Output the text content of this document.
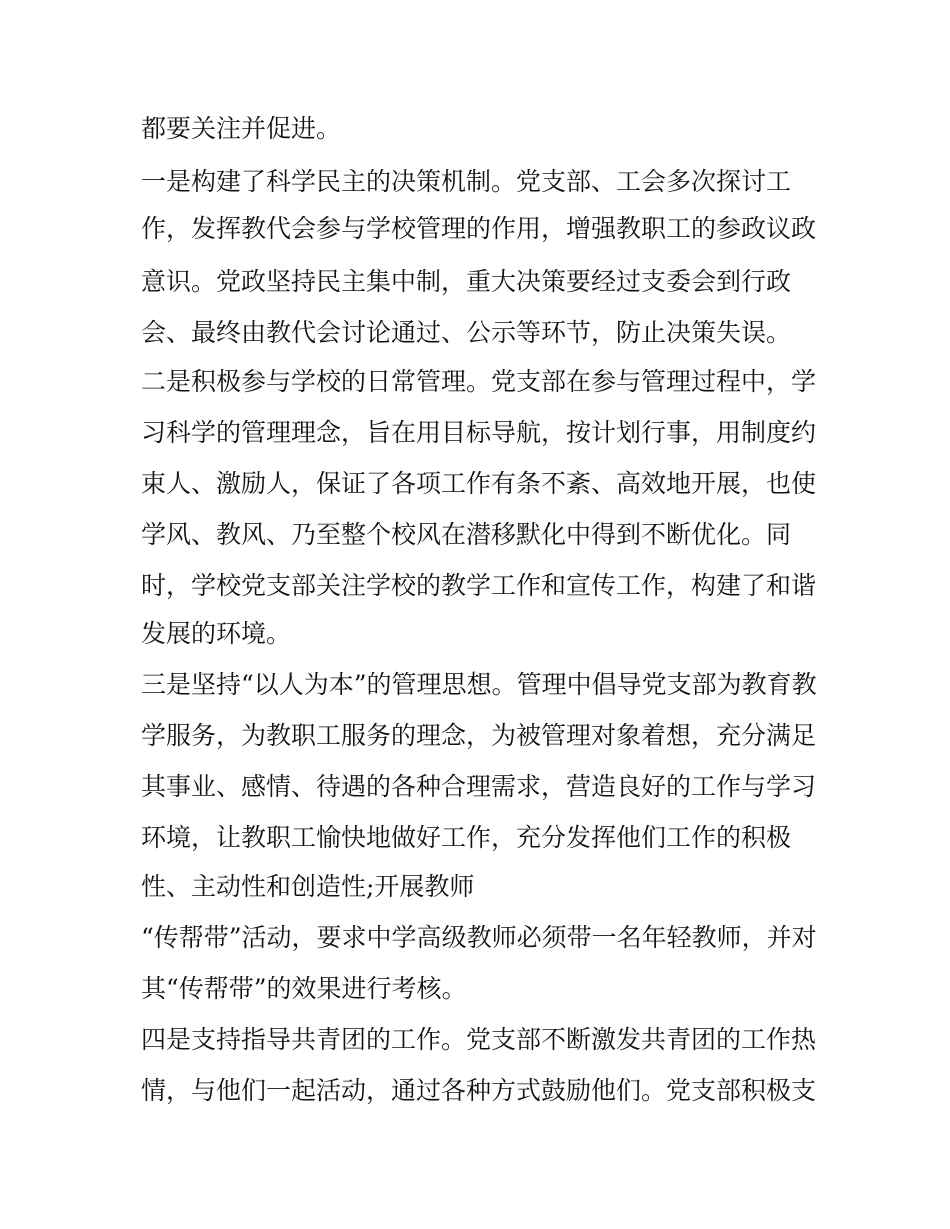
都要关注并促进。
一是构建了科学民主的决策机制。党支部、工会多次探讨工
作，发挥教代会参与学校管理的作用，增强教职工的参政议政
意识。党政坚持民主集中制，重大决策要经过支委会到行政
会、最终由教代会讨论通过、公示等环节，防止决策失误。
二是积极参与学校的日常管理。党支部在参与管理过程中，学
习科学的管理理念，旨在用目标导航，按计划行事，用制度约
束人、激励人，保证了各项工作有条不紊、高效地开展，也使
学风、教风、乃至整个校风在潜移默化中得到不断优化。同
时，学校党支部关注学校的教学工作和宣传工作，构建了和谐
发展的环境。
三是坚持“以人为本”的管理思想。管理中倡导党支部为教育教
学服务，为教职工服务的理念，为被管理对象着想，充分满足
其事业、感情、待遇的各种合理需求，营造良好的工作与学习
环境，让教职工愉快地做好工作，充分发挥他们工作的积极
性、主动性和创造性;开展教师
“传帮带”活动，要求中学高级教师必须带一名年轻教师，并对
其“传帮带”的效果进行考核。
四是支持指导共青团的工作。党支部不断激发共青团的工作热
情，与他们一起活动，通过各种方式鼓励他们。党支部积极支
